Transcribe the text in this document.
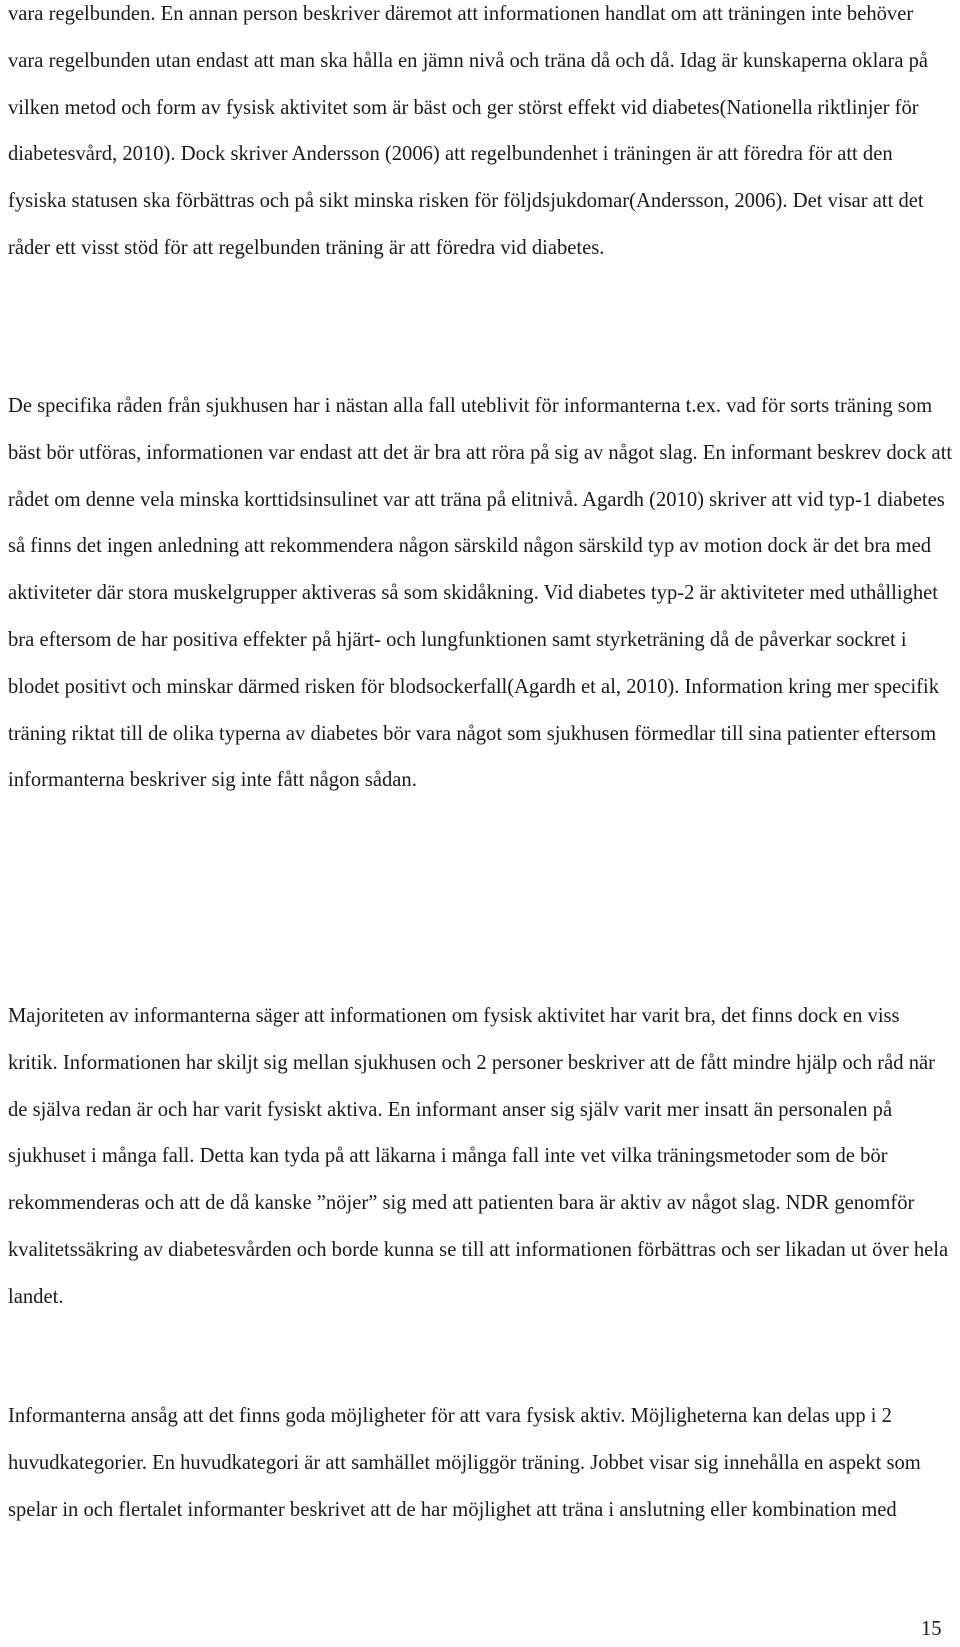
vara regelbunden. En annan person beskriver däremot att informationen handlat om att träningen inte behöver vara regelbunden utan endast att man ska hålla en jämn nivå och träna då och då. Idag är kunskaperna oklara på vilken metod och form av fysisk aktivitet som är bäst och ger störst effekt vid diabetes(Nationella riktlinjer för diabetesvård, 2010). Dock skriver Andersson (2006) att regelbundenhet i träningen är att föredra för att den fysiska statusen ska förbättras och på sikt minska risken för följdsjukdomar(Andersson, 2006). Det visar att det råder ett visst stöd för att regelbunden träning är att föredra vid diabetes.

De specifika råden från sjukhusen har i nästan alla fall uteblivit för informanterna t.ex. vad för sorts träning som bäst bör utföras, informationen var endast att det är bra att röra på sig av något slag. En informant beskrev dock att rådet om denne vela minska korttidsinsulinet var att träna på elitnivå. Agardh (2010) skriver att vid typ-1 diabetes så finns det ingen anledning att rekommendera någon särskild någon särskild typ av motion dock är det bra med aktiviteter där stora muskelgrupper aktiveras så som skidåkning. Vid diabetes typ-2 är aktiviteter med uthållighet bra eftersom de har positiva effekter på hjärt- och lungfunktionen samt styrketräning då de påverkar sockret i blodet positivt och minskar därmed risken för blodsockerfall(Agardh et al, 2010). Information kring mer specifik träning riktat till de olika typerna av diabetes bör vara något som sjukhusen förmedlar till sina patienter eftersom informanterna beskriver sig inte fått någon sådan.

Majoriteten av informanterna säger att informationen om fysisk aktivitet har varit bra, det finns dock en viss kritik. Informationen har skiljt sig mellan sjukhusen och 2 personer beskriver att de fått mindre hjälp och råd när de själva redan är och har varit fysiskt aktiva. En informant anser sig själv varit mer insatt än personalen på sjukhuset i många fall. Detta kan tyda på att läkarna i många fall inte vet vilka träningsmetoder som de bör rekommenderas och att de då kanske ”nöjer” sig med att patienten bara är aktiv av något slag. NDR genomför kvalitetssäkring av diabetesvården och borde kunna se till att informationen förbättras och ser likadan ut över hela landet.

Informanterna ansåg att det finns goda möjligheter för att vara fysisk aktiv. Möjligheterna kan delas upp i 2 huvudkategorier. En huvudkategori är att samhället möjliggör träning. Jobbet visar sig innehålla en aspekt som spelar in och flertalet informanter beskrivet att de har möjlighet att träna i anslutning eller kombination med

15
